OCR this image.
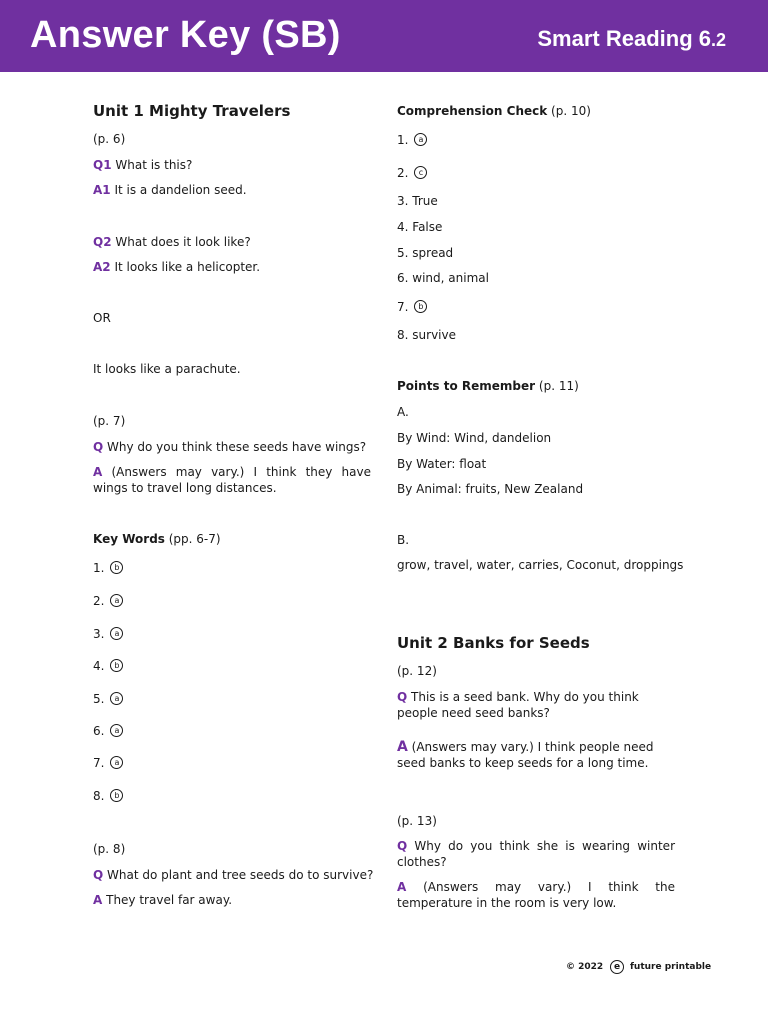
Answer Key (SB)	Smart Reading 6.2
Unit 1 Mighty Travelers
(p. 6)
Q1 What is this?
A1 It is a dandelion seed.
Q2 What does it look like?
A2 It looks like a helicopter.
OR
It looks like a parachute.
(p. 7)
Q Why do you think these seeds have wings?
A (Answers may vary.) I think they have wings to travel long distances.
Key Words (pp. 6-7)
1. b
2. a
3. a
4. b
5. a
6. a
7. a
8. b
(p. 8)
Q What do plant and tree seeds do to survive?
A They travel far away.
Comprehension Check (p. 10)
1. a
2. c
3. True
4. False
5. spread
6. wind, animal
7. b
8. survive
Points to Remember (p. 11)
A.
By Wind: Wind, dandelion
By Water: float
By Animal: fruits, New Zealand
B.
grow, travel, water, carries, Coconut, droppings
Unit 2 Banks for Seeds
(p. 12)
Q This is a seed bank. Why do you think people need seed banks?
A (Answers may vary.) I think people need seed banks to keep seeds for a long time.
(p. 13)
Q Why do you think she is wearing winter clothes?
A (Answers may vary.) I think the temperature in the room is very low.
© 2022	e	future printable
